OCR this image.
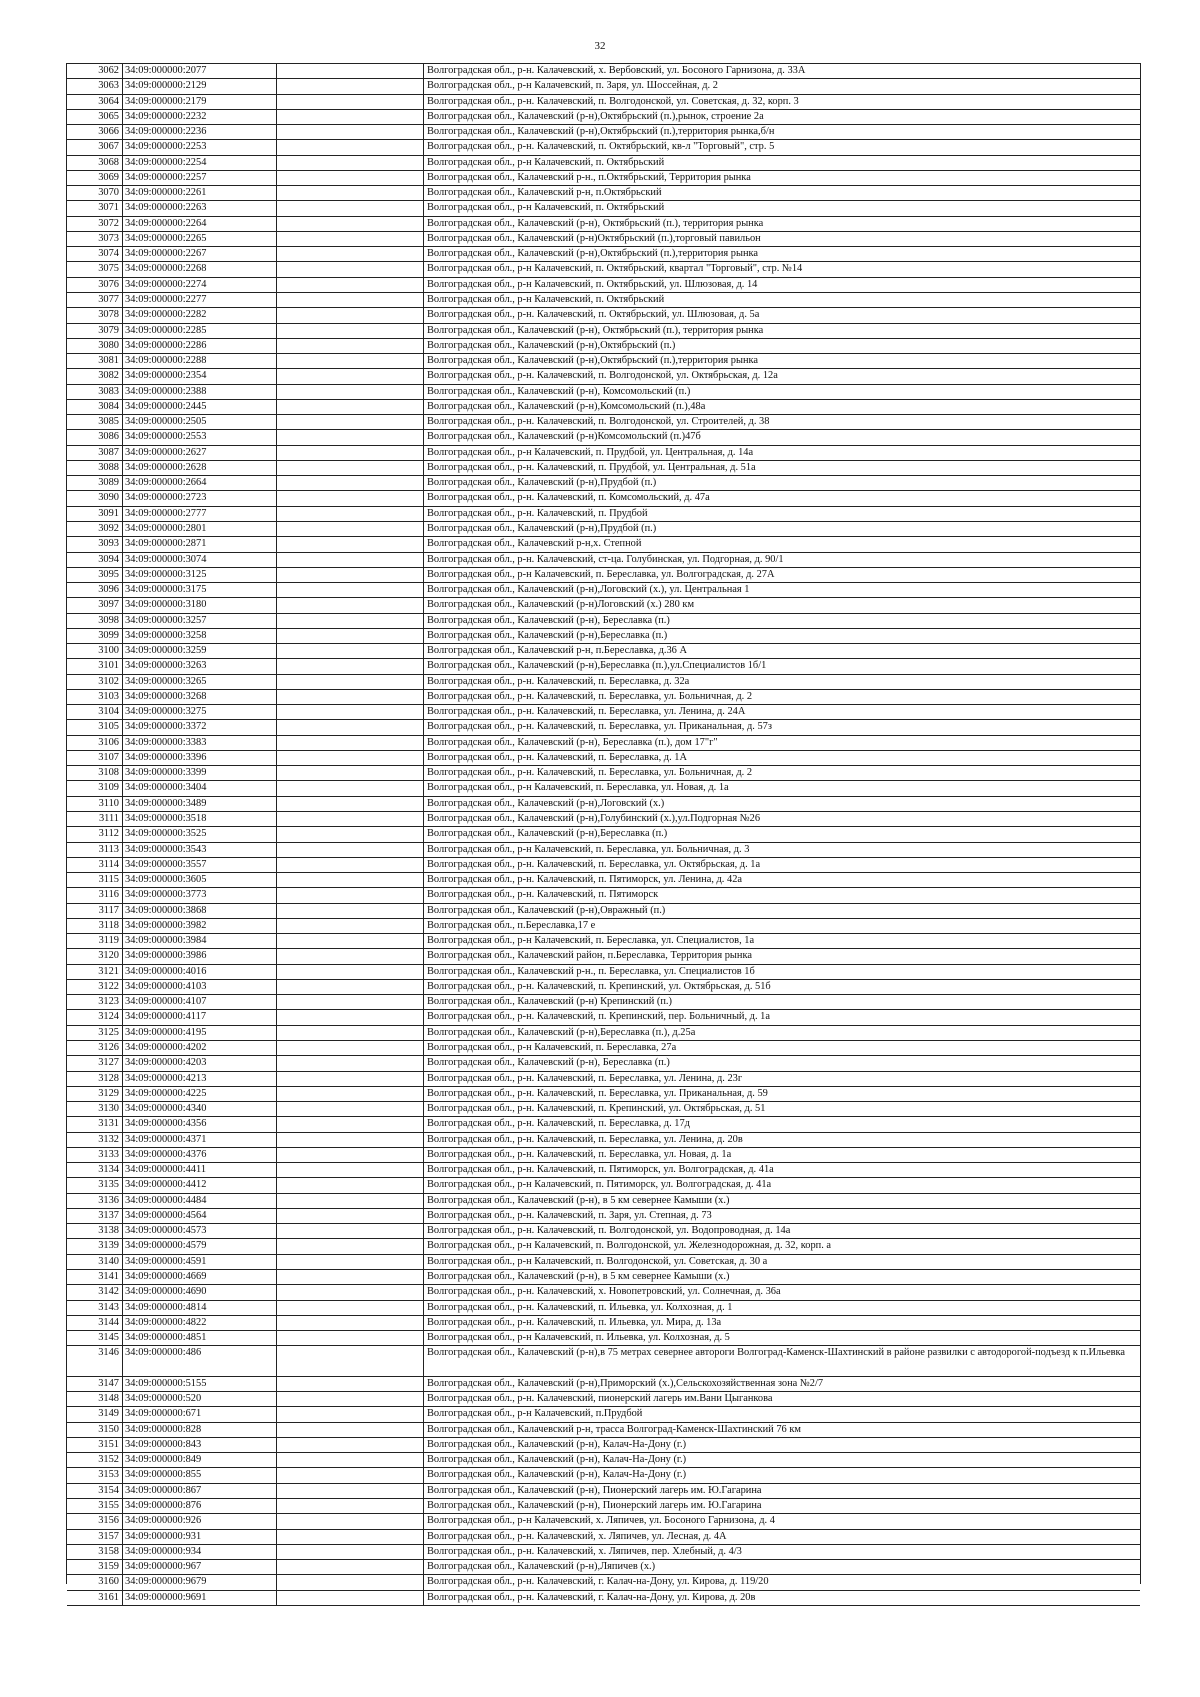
32
3062 34:09:000000:2077	Волгоградская обл., р-н. Калачевский, х. Вербовский, ул. Босоного Гарнизона, д. 33А
3063 34:09:000000:2129	Волгоградская обл., р-н Калачевский, п. Заря, ул. Шоссейная, д. 2
3064 34:09:000000:2179	Волгоградская обл., р-н. Калачевский, п. Волгодонской, ул. Советская, д. 32, корп. 3
3065 34:09:000000:2232	Волгоградская обл., Калачевский (р-н),Октябрьский (п.),рынок, строение 2а
3066 34:09:000000:2236	Волгоградская обл., Калачевский (р-н),Октябрьский (п.),территория рынка,б/н
3067 34:09:000000:2253	Волгоградская обл., р-н. Калачевский, п. Октябрьский, кв-л "Торговый", стр. 5
3068 34:09:000000:2254	Волгоградская обл., р-н Калачевский, п. Октябрьский
3069 34:09:000000:2257	Волгоградская обл., Калачевский р-н., п.Октябрьский, Территория рынка
3070 34:09:000000:2261	Волгоградская обл., Калачевский р-н, п.Октябрьский
3071 34:09:000000:2263	Волгоградская обл., р-н Калачевский, п. Октябрьский
3072 34:09:000000:2264	Волгоградская обл., Калачевский (р-н), Октябрьский (п.), территория рынка
3073 34:09:000000:2265	Волгоградская обл., Калачевский (р-н)Октябрьский (п.),торговый павильон
3074 34:09:000000:2267	Волгоградская обл., Калачевский (р-н),Октябрьский (п.),территория рынка
3075 34:09:000000:2268	Волгоградская обл., р-н Калачевский, п. Октябрьский, квартал "Торговый", стр. №14
3076 34:09:000000:2274	Волгоградская обл., р-н Калачевский, п. Октябрьский, ул. Шлюзовая, д. 14
3077 34:09:000000:2277	Волгоградская обл., р-н Калачевский, п. Октябрьский
3078 34:09:000000:2282	Волгоградская обл., р-н. Калачевский, п. Октябрьский, ул. Шлюзовая, д. 5а
3079 34:09:000000:2285	Волгоградская обл., Калачевский (р-н), Октябрьский (п.), территория рынка
3080 34:09:000000:2286	Волгоградская обл., Калачевский (р-н),Октябрьский (п.)
3081 34:09:000000:2288	Волгоградская обл., Калачевский (р-н),Октябрьский (п.),территория рынка
3082 34:09:000000:2354	Волгоградская обл., р-н. Калачевский, п. Волгодонской, ул. Октябрьская, д. 12а
3083 34:09:000000:2388	Волгоградская обл., Калачевский (р-н), Комсомольский (п.)
3084 34:09:000000:2445	Волгоградская обл., Калачевский (р-н),Комсомольский (п.),48а
3085 34:09:000000:2505	Волгоградская обл., р-н. Калачевский, п. Волгодонской, ул. Строителей, д. 38
3086 34:09:000000:2553	Волгоградская обл., Калачевский (р-н)Комсомольский (п.)47б
3087 34:09:000000:2627	Волгоградская обл., р-н Калачевский, п. Прудбой, ул. Центральная, д. 14а
3088 34:09:000000:2628	Волгоградская обл., р-н. Калачевский, п. Прудбой, ул. Центральная, д. 51а
3089 34:09:000000:2664	Волгоградская обл., Калачевский (р-н),Прудбой (п.)
3090 34:09:000000:2723	Волгоградская обл., р-н. Калачевский, п. Комсомольский, д. 47а
3091 34:09:000000:2777	Волгоградская обл., р-н. Калачевский, п. Прудбой
3092 34:09:000000:2801	Волгоградская обл., Калачевский (р-н),Прудбой (п.)
3093 34:09:000000:2871	Волгоградская обл., Калачевский р-н,х. Степной
3094 34:09:000000:3074	Волгоградская обл., р-н. Калачевский, ст-ца. Голубинская, ул. Подгорная, д. 90/1
3095 34:09:000000:3125	Волгоградская обл., р-н Калачевский, п. Береславка, ул. Волгоградская, д. 27А
3096 34:09:000000:3175	Волгоградская обл., Калачевский (р-н),Логовский (х.), ул. Центральная 1
3097 34:09:000000:3180	Волгоградская обл., Калачевский (р-н)Логовский (х.) 280 км
3098 34:09:000000:3257	Волгоградская обл., Калачевский (р-н), Береславка (п.)
3099 34:09:000000:3258	Волгоградская обл., Калачевский (р-н),Береславка (п.)
3100 34:09:000000:3259	Волгоградская обл., Калачевский р-н, п.Береславка, д.36 А
3101 34:09:000000:3263	Волгоградская обл., Калачевский (р-н),Береславка (п.),ул.Специалистов 1б/1
3102 34:09:000000:3265	Волгоградская обл., р-н. Калачевский, п. Береславка, д. 32а
3103 34:09:000000:3268	Волгоградская обл., р-н. Калачевский, п. Береславка, ул. Больничная, д. 2
3104 34:09:000000:3275	Волгоградская обл., р-н. Калачевский, п. Береславка, ул. Ленина, д. 24А
3105 34:09:000000:3372	Волгоградская обл., р-н. Калачевский, п. Береславка, ул. Приканальная, д. 57з
3106 34:09:000000:3383	Волгоградская обл., Калачевский (р-н), Береславка (п.), дом 17"г"
3107 34:09:000000:3396	Волгоградская обл., р-н. Калачевский, п. Береславка, д. 1А
3108 34:09:000000:3399	Волгоградская обл., р-н. Калачевский, п. Береславка, ул. Больничная, д. 2
3109 34:09:000000:3404	Волгоградская обл., р-н Калачевский, п. Береславка, ул. Новая, д. 1а
3110 34:09:000000:3489	Волгоградская обл., Калачевский (р-н),Логовский (х.)
3111 34:09:000000:3518	Волгоградская обл., Калачевский (р-н),Голубинский (х.),ул.Подгорная №26
3112 34:09:000000:3525	Волгоградская обл., Калачевский (р-н),Береславка (п.)
3113 34:09:000000:3543	Волгоградская обл., р-н Калачевский, п. Береславка, ул. Больничная, д. 3
3114 34:09:000000:3557	Волгоградская обл., р-н. Калачевский, п. Береславка, ул. Октябрьская, д. 1а
3115 34:09:000000:3605	Волгоградская обл., р-н. Калачевский, п. Пятиморск, ул. Ленина, д. 42а
3116 34:09:000000:3773	Волгоградская обл., р-н. Калачевский, п. Пятиморск
3117 34:09:000000:3868	Волгоградская обл., Калачевский (р-н),Овражный (п.)
3118 34:09:000000:3982	Волгоградская обл., п.Береславка,17 е
3119 34:09:000000:3984	Волгоградская обл., р-н Калачевский, п. Береславка, ул. Специалистов, 1а
3120 34:09:000000:3986	Волгоградская обл., Калачевский район, п.Береславка, Территория рынка
3121 34:09:000000:4016	Волгоградская обл., Калачевский р-н., п. Береславка, ул. Специалистов 1б
3122 34:09:000000:4103	Волгоградская обл., р-н. Калачевский, п. Крепинский, ул. Октябрьская, д. 51б
3123 34:09:000000:4107	Волгоградская обл., Калачевский (р-н) Крепинский (п.)
3124 34:09:000000:4117	Волгоградская обл., р-н. Калачевский, п. Крепинский, пер. Больничный, д. 1а
3125 34:09:000000:4195	Волгоградская обл., Калачевский (р-н),Береславка (п.), д.25а
3126 34:09:000000:4202	Волгоградская обл., р-н Калачевский, п. Береславка, 27а
3127 34:09:000000:4203	Волгоградская обл., Калачевский (р-н), Береславка (п.)
3128 34:09:000000:4213	Волгоградская обл., р-н. Калачевский, п. Береславка, ул. Ленина, д. 23г
3129 34:09:000000:4225	Волгоградская обл., р-н. Калачевский, п. Береславка, ул. Приканальная, д. 59
3130 34:09:000000:4340	Волгоградская обл., р-н. Калачевский, п. Крепинский, ул. Октябрьская, д. 51
3131 34:09:000000:4356	Волгоградская обл., р-н. Калачевский, п. Береславка, д. 17д
3132 34:09:000000:4371	Волгоградская обл., р-н. Калачевский, п. Береславка, ул. Ленина, д. 20в
3133 34:09:000000:4376	Волгоградская обл., р-н. Калачевский, п. Береславка, ул. Новая, д. 1а
3134 34:09:000000:4411	Волгоградская обл., р-н. Калачевский, п. Пятиморск, ул. Волгоградская, д. 41а
3135 34:09:000000:4412	Волгоградская обл., р-н Калачевский, п. Пятиморск, ул. Волгоградская, д. 41а
3136 34:09:000000:4484	Волгоградская обл., Калачевский (р-н), в 5 км севернее Камыши (х.)
3137 34:09:000000:4564	Волгоградская обл., р-н. Калачевский, п. Заря, ул. Степная, д. 73
3138 34:09:000000:4573	Волгоградская обл., р-н. Калачевский, п. Волгодонской, ул. Водопроводная, д. 14а
3139 34:09:000000:4579	Волгоградская обл., р-н Калачевский, п. Волгодонской, ул. Железнодорожная, д. 32, корп. а
3140 34:09:000000:4591	Волгоградская обл., р-н Калачевский, п. Волгодонской, ул. Советская, д. 30 а
3141 34:09:000000:4669	Волгоградская обл., Калачевский (р-н), в 5 км севернее Камыши (х.)
3142 34:09:000000:4690	Волгоградская обл., р-н. Калачевский, х. Новопетровский, ул. Солнечная, д. 36а
3143 34:09:000000:4814	Волгоградская обл., р-н. Калачевский, п. Ильевка, ул. Колхозная, д. 1
3144 34:09:000000:4822	Волгоградская обл., р-н. Калачевский, п. Ильевка, ул. Мира, д. 13а
3145 34:09:000000:4851	Волгоградская обл., р-н Калачевский, п. Ильевка, ул. Колхозная, д. 5
3146 34:09:000000:486	Волгоградская обл., Калачевский (р-н),в 75 метрах севернее автороги Волгоград-Каменск-Шахтинский в районе развилки с автодорогой-подъезд к п.Ильевка
3147 34:09:000000:5155	Волгоградская обл., Калачевский (р-н),Приморский (х.),Сельскохозяйственная зона №2/7
3148 34:09:000000:520	Волгоградская обл., р-н. Калачевский, пионерский лагерь им.Вани Цыганкова
3149 34:09:000000:671	Волгоградская обл., р-н Калачевский, п.Прудбой
3150 34:09:000000:828	Волгоградская обл., Калачевский р-н, трасса Волгоград-Каменск-Шахтинский 76 км
3151 34:09:000000:843	Волгоградская обл., Калачевский (р-н), Калач-На-Дону (г.)
3152 34:09:000000:849	Волгоградская обл., Калачевский (р-н), Калач-На-Дону (г.)
3153 34:09:000000:855	Волгоградская обл., Калачевский (р-н), Калач-На-Дону (г.)
3154 34:09:000000:867	Волгоградская обл., Калачевский (р-н), Пионерский лагерь им. Ю.Гагарина
3155 34:09:000000:876	Волгоградская обл., Калачевский (р-н), Пионерский лагерь им. Ю.Гагарина
3156 34:09:000000:926	Волгоградская обл., р-н Калачевский, х. Ляпичев, ул. Босоного Гарнизона, д. 4
3157 34:09:000000:931	Волгоградская обл., р-н. Калачевский, х. Ляпичев, ул. Лесная, д. 4А
3158 34:09:000000:934	Волгоградская обл., р-н. Калачевский, х. Ляпичев, пер. Хлебный, д. 4/3
3159 34:09:000000:967	Волгоградская обл., Калачевский (р-н),Ляпичев (х.)
3160 34:09:000000:9679	Волгоградская обл., р-н. Калачевский, г. Калач-на-Дону, ул. Кирова, д. 119/20
3161 34:09:000000:9691	Волгоградская обл., р-н. Калачевский, г. Калач-на-Дону, ул. Кирова, д. 20в
